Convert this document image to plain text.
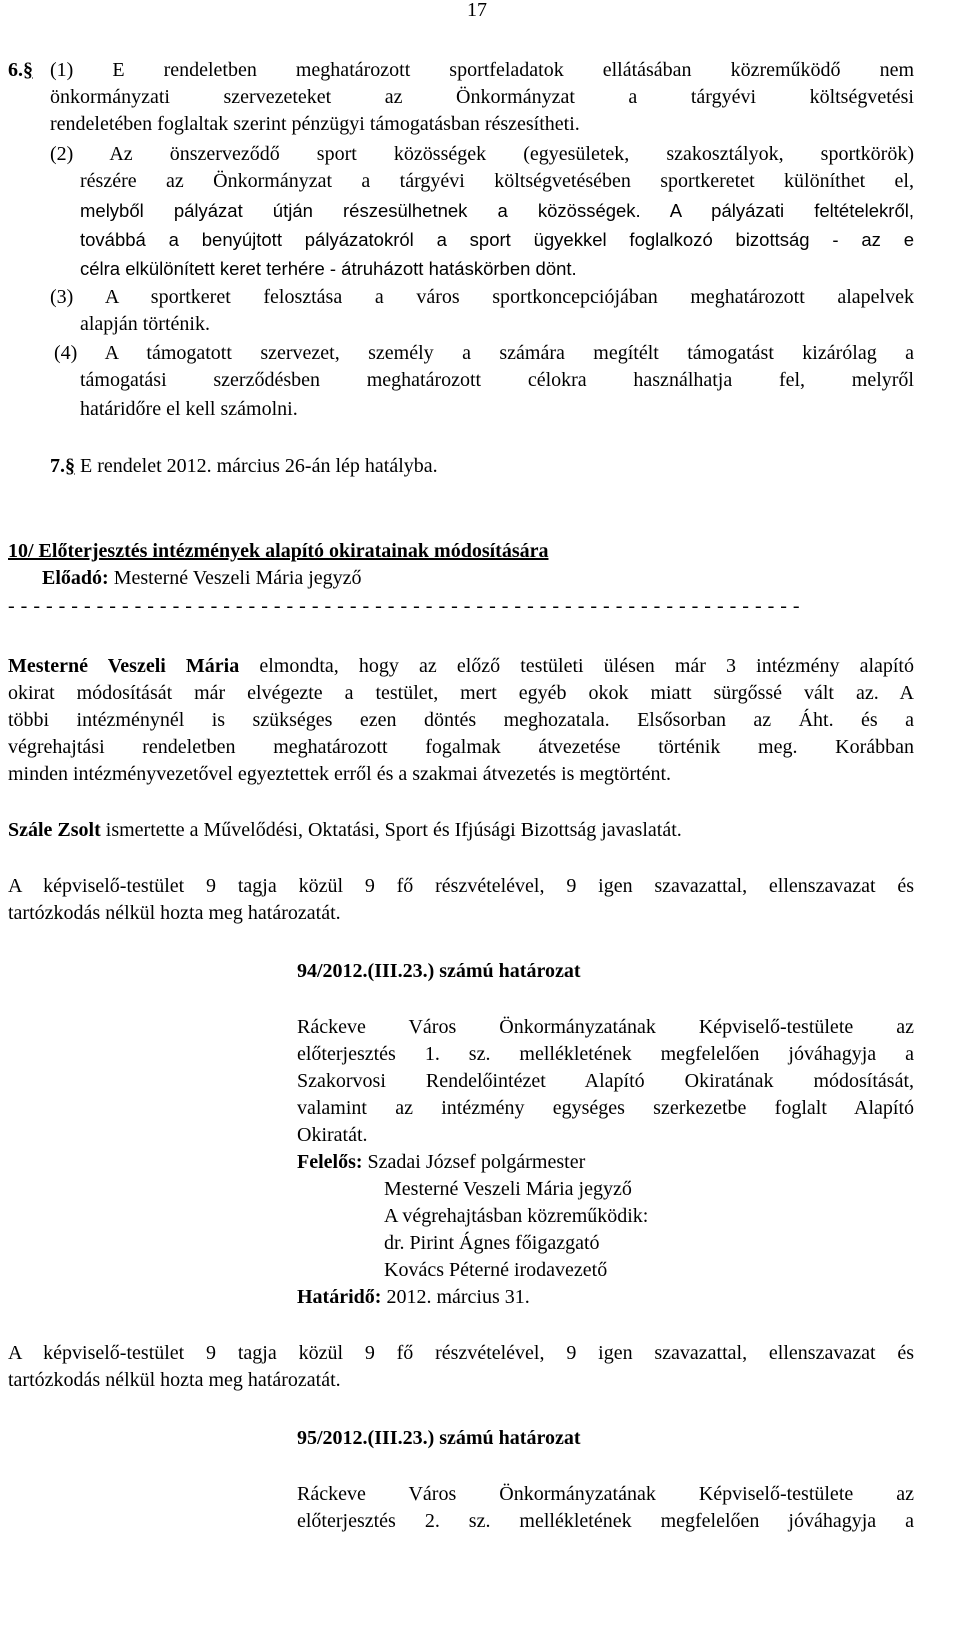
17
6.§ (1) E rendeletben meghatározott sportfeladatok ellátásában közreműködő nem
önkormányzati szervezeteket az Önkormányzat a tárgyévi költségvetési
rendeletében foglaltak szerint pénzügyi támogatásban részesítheti.
(2) Az önszerveződő sport közösségek (egyesületek, szakosztályok, sportkörök)
részére az Önkormányzat a tárgyévi költségvetésében sportkeretet különíthet el,
melyből pályázat útján részesülhetnek a közösségek. A pályázati feltételekről,
továbbá a benyújtott pályázatokról a sport ügyekkel foglalkozó bizottság - az e
célra elkülönített keret terhére - átruházott hatáskörben dönt.
(3) A sportkeret felosztása a város sportkoncepciójában meghatározott alapelvek
alapján történik.
(4) A támogatott szervezet, személy a számára megítélt támogatást kizárólag a
támogatási szerződésben meghatározott célokra használhatja fel, melyről
határidőre el kell számolni.
7.§ E rendelet 2012. március 26-án lép hatályba.
10/ Előterjesztés intézmények alapító okiratainak módosítására
Előadó: Mesterné Veszeli Mária jegyző
- - - - - - - - - - - - - - - - - - - - - - - - - - - - - - - - - - - - - - - - - - - - - - - - - - - - - - - - - - - - - - -
Mesterné Veszeli Mária elmondta, hogy az előző testületi ülésen már 3 intézmény alapító
okirat módosítását már elvégezte a testület, mert egyéb okok miatt sürgőssé vált az. A
többi intézménynél is szükséges ezen döntés meghozatala. Elsősorban az Áht. és a
végrehajtási rendeletben meghatározott fogalmak átvezetése történik meg. Korábban
minden intézményvezetővel egyeztettek erről és a szakmai átvezetés is megtörtént.
Szále Zsolt ismertette a Művelődési, Oktatási, Sport és Ifjúsági Bizottság javaslatát.
A képviselő-testület 9 tagja közül 9 fő részvételével, 9 igen szavazattal, ellenszavazat és
tartózkodás nélkül hozta meg határozatát.
94/2012.(III.23.) számú határozat
Ráckeve Város Önkormányzatának Képviselő-testülete az
előterjesztés 1. sz. mellékletének megfelelően jóváhagyja a
Szakorvosi Rendelőintézet Alapító Okiratának módosítását,
valamint az intézmény egységes szerkezetbe foglalt Alapító
Okiratát.
Felelős: Szadai József polgármester
Mesterné Veszeli Mária jegyző
A végrehajtásban közreműködik:
dr. Pirint Ágnes főigazgató
Kovács Péterné irodavezető
Határidő: 2012. március 31.
A képviselő-testület 9 tagja közül 9 fő részvételével, 9 igen szavazattal, ellenszavazat és
tartózkodás nélkül hozta meg határozatát.
95/2012.(III.23.) számú határozat
Ráckeve Város Önkormányzatának Képviselő-testülete az
előterjesztés 2. sz. mellékletének megfelelően jóváhagyja a
